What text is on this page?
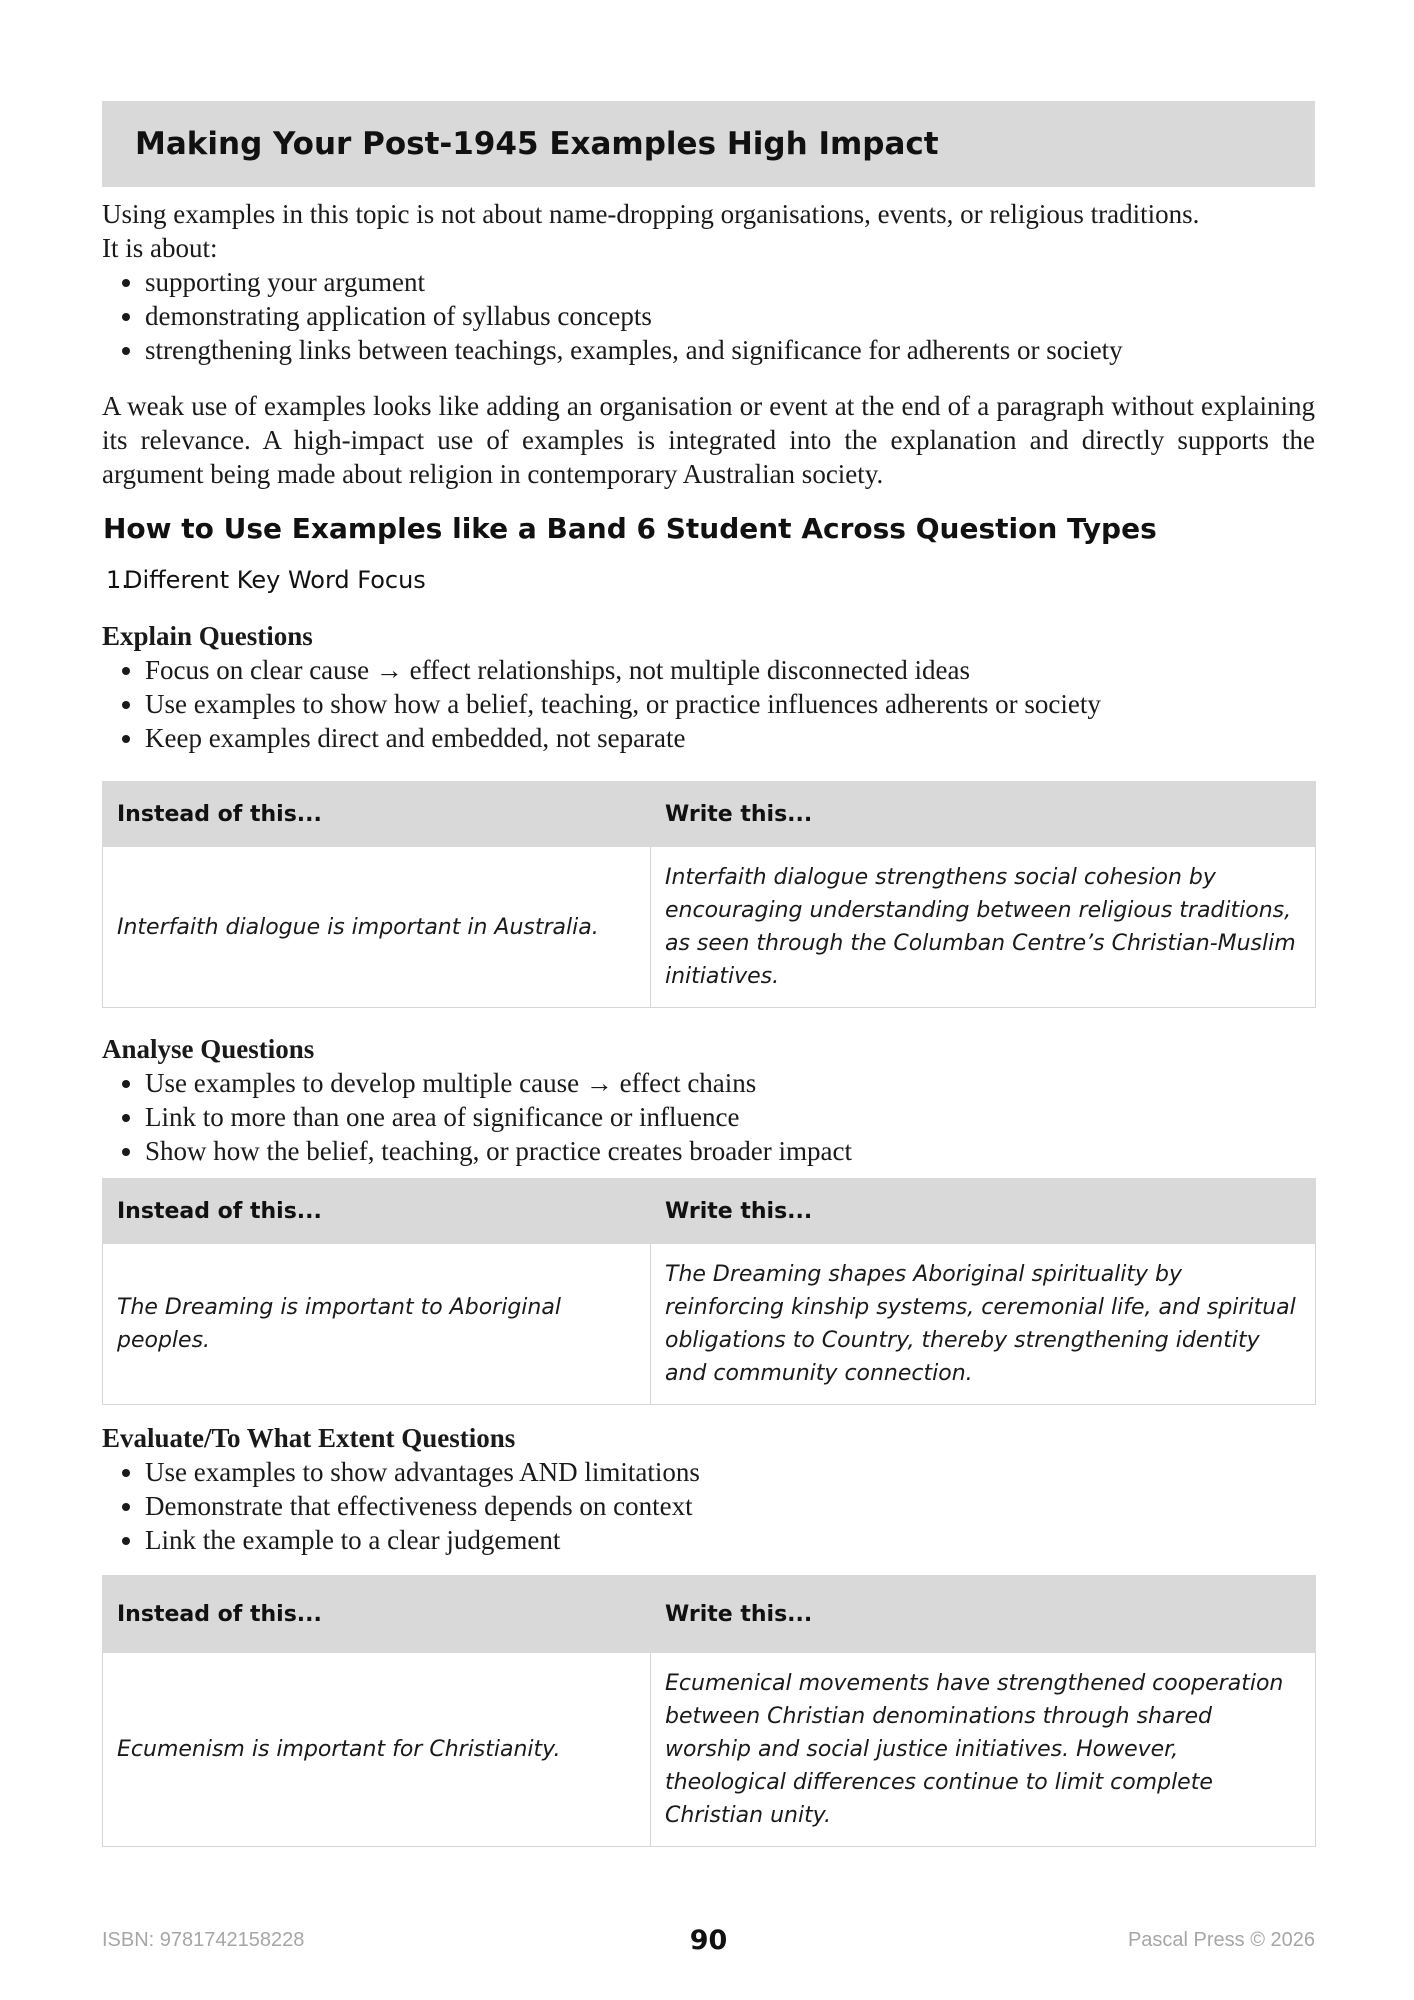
Making Your Post-1945 Examples High Impact

Using examples in this topic is not about name-dropping organisations, events, or religious traditions.

It is about:

• supporting your argument
• demonstrating application of syllabus concepts
• strengthening links between teachings, examples, and significance for adherents or society

A weak use of examples looks like adding an organisation or event at the end of a paragraph without explaining its relevance. A high-impact use of examples is integrated into the explanation and directly supports the argument being made about religion in contemporary Australian society.

How to Use Examples like a Band 6 Student Across Question Types
1.Different Key Word Focus
Explain Questions
• Focus on clear cause → effect relationships, not multiple disconnected ideas
• Use examples to show how a belief, teaching, or practice influences adherents or society
• Keep examples direct and embedded, not separate
Instead of this...	Write this...
Interfaith dialogue is important in Australia.	Interfaith dialogue strengthens social cohesion by encouraging understanding between religious traditions, as seen through the Columban Centre’s Christian-Muslim initiatives.
Analyse Questions
• Use examples to develop multiple cause → effect chains
• Link to more than one area of significance or influence
• Show how the belief, teaching, or practice creates broader impact
Instead of this...	Write this...
The Dreaming is important to Aboriginal peoples.	The Dreaming shapes Aboriginal spirituality by reinforcing kinship systems, ceremonial life, and spiritual obligations to Country, thereby strengthening identity and community connection.
Evaluate/To What Extent Questions
• Use examples to show advantages AND limitations
• Demonstrate that effectiveness depends on context
• Link the example to a clear judgement
Instead of this...	Write this...
Ecumenism is important for Christianity.	Ecumenical movements have strengthened cooperation between Christian denominations through shared worship and social justice initiatives. However, theological differences continue to limit complete Christian unity.
ISBN: 9781742158228	90	Pascal Press © 2026
